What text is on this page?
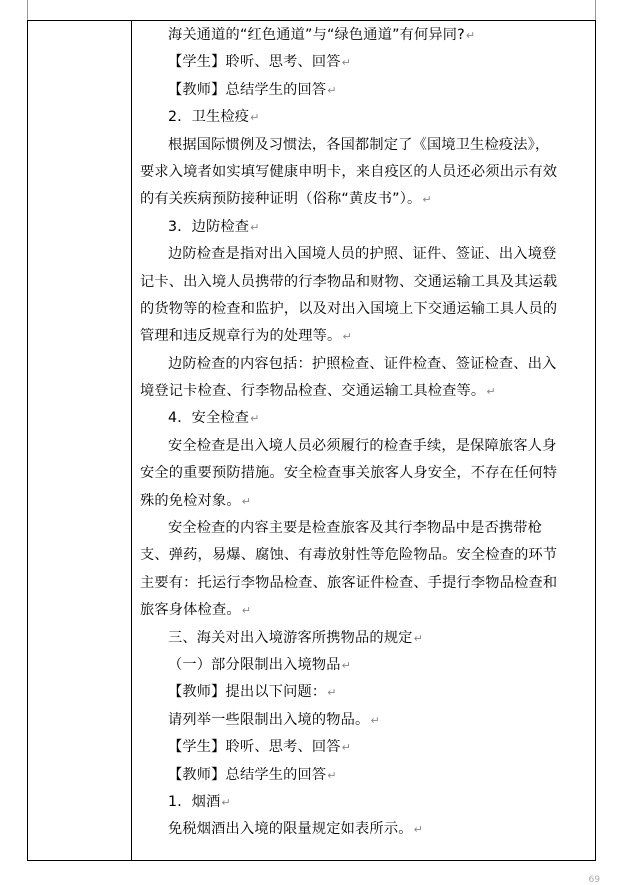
海关通道的“红色通道”与“绿色通道”有何异同?↵
【学生】聆听、思考、回答↵
【教师】总结学生的回答↵
2．卫生检疫↵
根据国际惯例及习惯法，各国都制定了《国境卫生检疫法》，
要求入境者如实填写健康申明卡，来自疫区的人员还必须出示有效
的有关疾病预防接种证明（俗称“黄皮书”）。↵
3．边防检查↵
边防检查是指对出入国境人员的护照、证件、签证、出入境登
记卡、出入境人员携带的行李物品和财物、交通运输工具及其运载
的货物等的检查和监护，以及对出入国境上下交通运输工具人员的
管理和违反规章行为的处理等。↵
边防检查的内容包括：护照检查、证件检查、签证检查、出入
境登记卡检查、行李物品检查、交通运输工具检查等。↵
4．安全检查↵
安全检查是出入境人员必须履行的检查手续，是保障旅客人身
安全的重要预防措施。安全检查事关旅客人身安全，不存在任何特
殊的免检对象。↵
安全检查的内容主要是检查旅客及其行李物品中是否携带枪
支、弹药，易爆、腐蚀、有毒放射性等危险物品。安全检查的环节
主要有：托运行李物品检查、旅客证件检查、手提行李物品检查和
旅客身体检查。↵
三、海关对出入境游客所携物品的规定↵
（一）部分限制出入境物品↵
【教师】提出以下问题：↵
请列举一些限制出入境的物品。↵
【学生】聆听、思考、回答↵
【教师】总结学生的回答↵
1．烟酒↵
免税烟酒出入境的限量规定如表所示。↵
69
